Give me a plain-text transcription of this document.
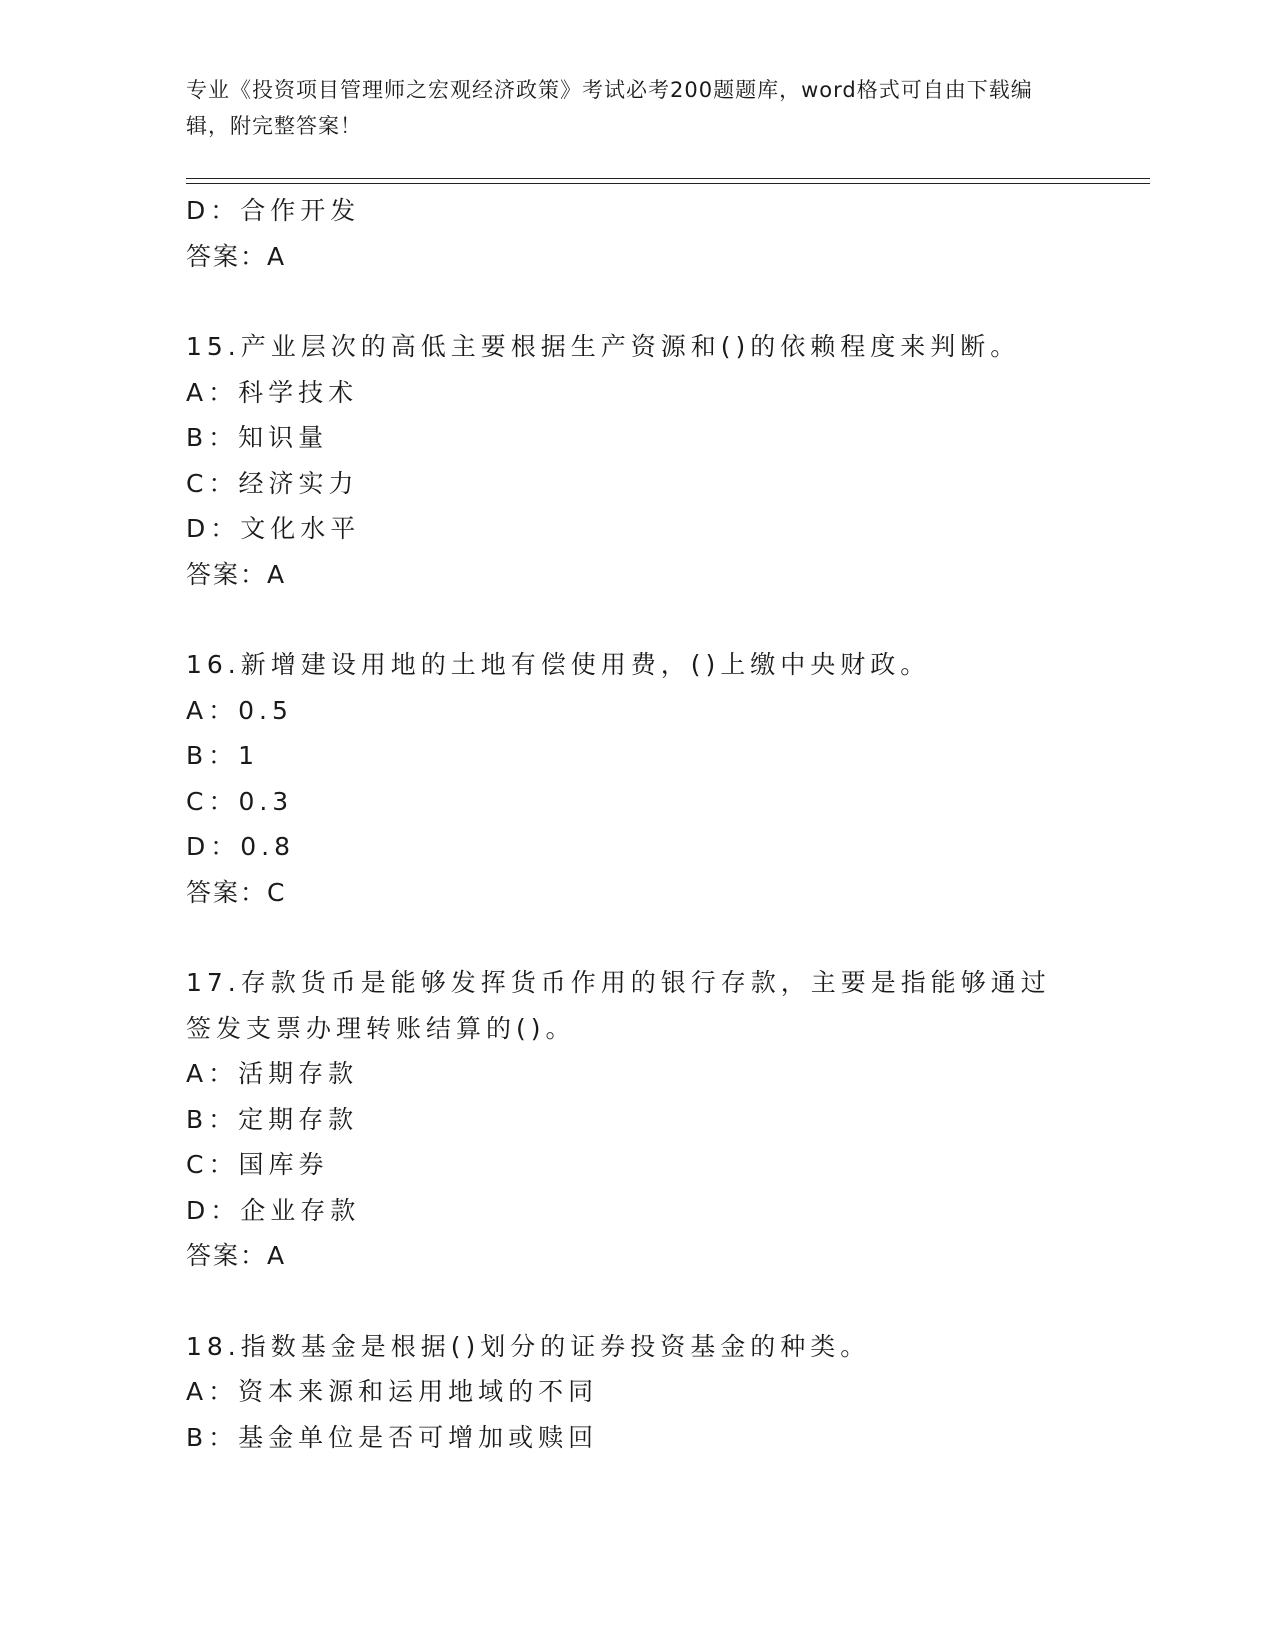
专业《投资项目管理师之宏观经济政策》考试必考200题题库，word格式可自由下载编辑，附完整答案！
D：合作开发
答案：A
15.产业层次的高低主要根据生产资源和()的依赖程度来判断。
A：科学技术
B：知识量
C：经济实力
D：文化水平
答案：A
16.新增建设用地的土地有偿使用费，()上缴中央财政。
A：0.5
B：1
C：0.3
D：0.8
答案：C
17.存款货币是能够发挥货币作用的银行存款，主要是指能够通过签发支票办理转账结算的()。
A：活期存款
B：定期存款
C：国库券
D：企业存款
答案：A
18.指数基金是根据()划分的证券投资基金的种类。
A：资本来源和运用地域的不同
B：基金单位是否可增加或赎回
